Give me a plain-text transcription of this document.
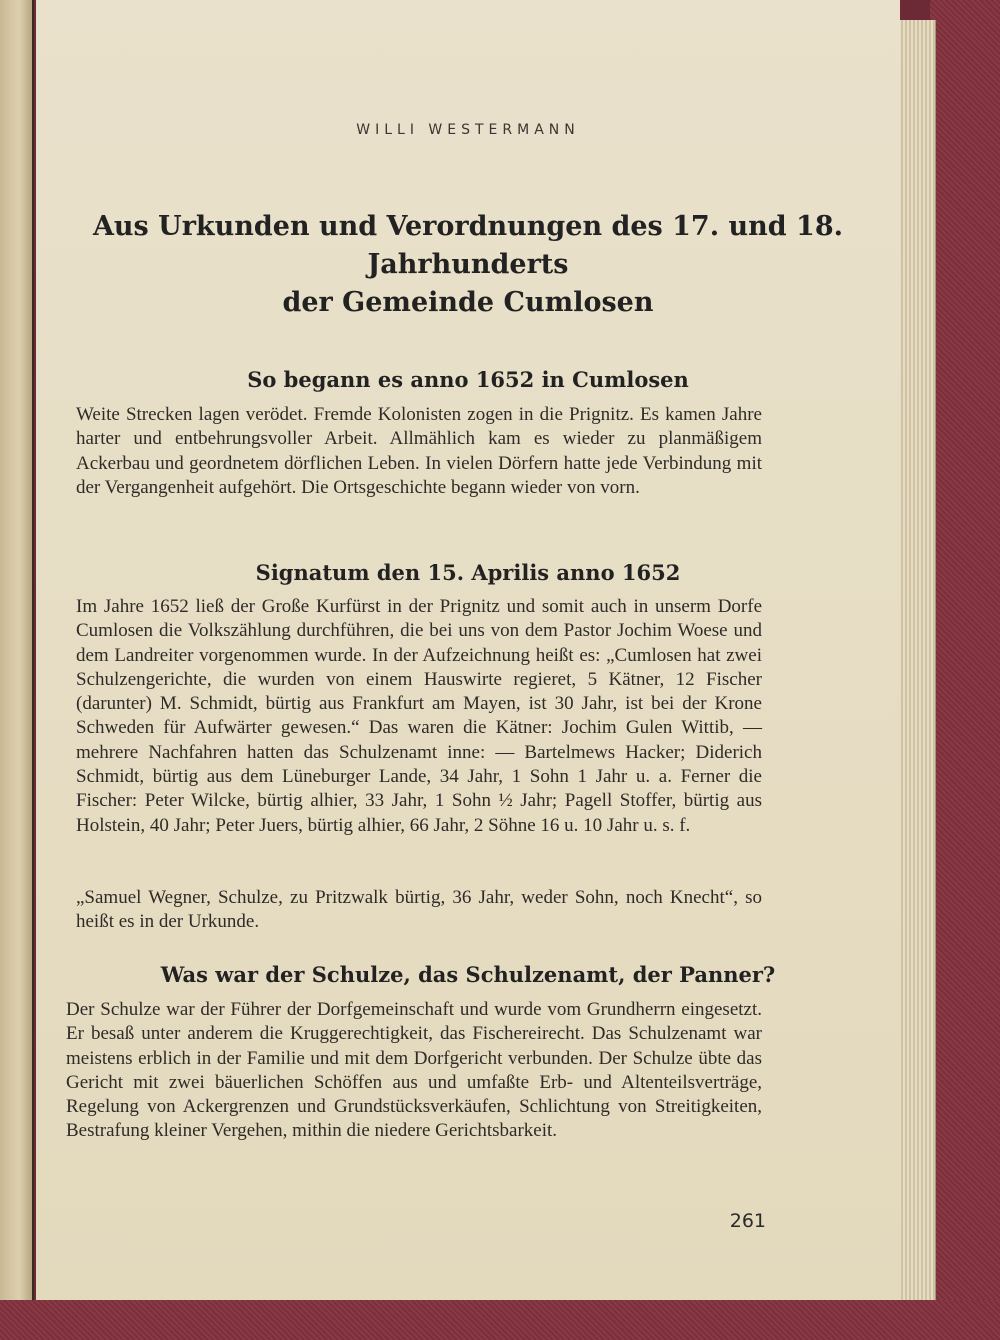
WILLI WESTERMANN
Aus Urkunden und Verordnungen des 17. und 18. Jahrhunderts
der Gemeinde Cumlosen
So begann es anno 1652 in Cumlosen

Weite Strecken lagen verödet. Fremde Kolonisten zogen in die Prignitz. Es kamen Jahre harter und entbehrungsvoller Arbeit. Allmählich kam es wieder zu planmäßigem Ackerbau und geordnetem dörflichen Leben. In vielen Dörfern hatte jede Verbindung mit der Vergangenheit aufgehört. Die Ortsgeschichte begann wieder von vorn.

Signatum den 15. Aprilis anno 1652

Im Jahre 1652 ließ der Große Kurfürst in der Prignitz und somit auch in unserm Dorfe Cumlosen die Volkszählung durchführen, die bei uns von dem Pastor Jochim Woese und dem Landreiter vorgenommen wurde. In der Aufzeichnung heißt es: „Cumlosen hat zwei Schulzengerichte, die wurden von einem Hauswirte regieret, 5 Kätner, 12 Fischer (darunter) M. Schmidt, bürtig aus Frankfurt am Mayen, ist 30 Jahr, ist bei der Krone Schweden für Aufwärter gewesen.“ Das waren die Kätner: Jochim Gulen Wittib, — mehrere Nachfahren hatten das Schulzenamt inne: — Bartelmews Hacker; Diderich Schmidt, bürtig aus dem Lüneburger Lande, 34 Jahr, 1 Sohn 1 Jahr u. a. Ferner die Fischer: Peter Wilcke, bürtig alhier, 33 Jahr, 1 Sohn ½ Jahr; Pagell Stoffer, bürtig aus Holstein, 40 Jahr; Peter Juers, bürtig alhier, 66 Jahr, 2 Söhne 16 u. 10 Jahr u. s. f.

„Samuel Wegner, Schulze, zu Pritzwalk bürtig, 36 Jahr, weder Sohn, noch Knecht“, so heißt es in der Urkunde.

Was war der Schulze, das Schulzenamt, der Panner?

Der Schulze war der Führer der Dorfgemeinschaft und wurde vom Grundherrn eingesetzt. Er besaß unter anderem die Kruggerechtigkeit, das Fischereirecht. Das Schulzenamt war meistens erblich in der Familie und mit dem Dorfgericht verbunden. Der Schulze übte das Gericht mit zwei bäuerlichen Schöffen aus und umfaßte Erb- und Altenteilsverträge, Regelung von Ackergrenzen und Grundstücksverkäufen, Schlichtung von Streitigkeiten, Bestrafung kleiner Vergehen, mithin die niedere Gerichtsbarkeit.

261
